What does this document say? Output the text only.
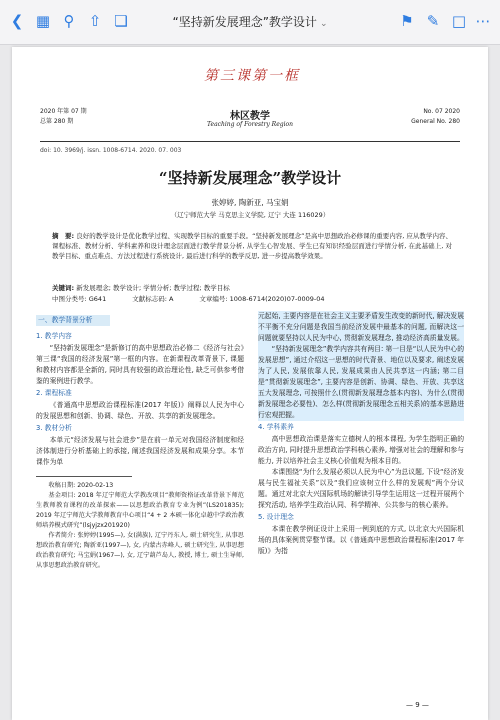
❮ ▦ ⚲ ⇧ ❏	“坚持新发展理念”教学设计 ⌄	⚑ ✎ □ ⋯
第三课第一框
2020 年第 07 期
总第 280 期	林区教学
Teaching of Forestry Region
No. 07 2020
General No. 280
doi: 10. 3969/j. issn. 1008-6714. 2020. 07. 003
“坚持新发展理念”教学设计
张婷婷, 陶新亚, 马宝娟
（辽宁师范大学 马克思主义学院, 辽宁 大连 116029）
摘　要: 良好的教学设计是优化教学过程、实现教学目标的重要手段。“坚持新发展理念”是高中思想政治必修课的重要内容, 应从教学内容、课程标准、教材分析、学科素养和设计理念层面进行教学背景分析, 从学生心智发展、学生已有知识经验层面进行学情分析, 在此基础上, 对教学目标、重点难点、方法过程进行系统设计, 最后进行科学的教学反思, 进一步提高教学效果。
关键词: 新发展理念; 教学设计; 学情分析; 教学过程; 教学目标
中图分类号: G641	文献标志码: A	文章编号: 1008-6714(2020)07-0009-04
一、教学背景分析
1. 教学内容

“坚持新发展理念”是新修订的高中思想政治必修二《经济与社会》第三课“我国的经济发展”第一框的内容。在新课程改革背景下, 课题和教材内容都是全新的, 同时具有较强的政治理论性, 缺乏可供参考借鉴的案例进行教学。

2. 课程标准

《普通高中思想政治课程标准(2017 年版)》阐释以人民为中心的发展思想和创新、协调、绿色、开放、共享的新发展理念。

3. 教材分析

本单元“经济发展与社会进步”是在前一单元对我国经济制度和经济体制进行分析基础上的承接, 阐述我国经济发展和成果分享。本节课作为单

收稿日期: 2020-02-13

基金项目: 2018 年辽宁师范大学教改项目“教师资格证改革背景下师范生教师教育课程的改革探索——以思想政治教育专业为例”(LS201835); 2019 年辽宁师范大学教师教育中心项目“4 + 2 本硕一体化卓越中学政治教师培养模式研究”(lsjyjzx201920)

作者简介: 张婷婷(1995—), 女(满族), 辽宁丹东人, 硕士研究生, 从事思想政治教育研究; 陶新亚(1997—), 女, 内蒙古赤峰人, 硕士研究生, 从事思想政治教育研究; 马宝娟(1967—), 女, 辽宁葫芦岛人, 教授, 博士, 硕士生导师, 从事思想政治教育研究。

元起始, 主要内容是在社会主义主要矛盾发生改变的新时代, 解决发展不平衡不充分问题是我国当前经济发展中最基本的问题, 而解决这一问题就要坚持以人民为中心, 贯彻新发展理念, 推动经济高质量发展。

“坚持新发展理念”教学内容共有两目: 第一目是“以人民为中心的发展思想”, 通过介绍这一思想的时代背景、地位以及要求, 阐述发展为了人民, 发展依靠人民, 发展成果由人民共享这一内涵; 第二目是“贯彻新发展理念”, 主要内容是创新、协调、绿色、开放、共享这五大发展理念, 可按照什么(贯彻新发展理念基本内容)、为什么(贯彻新发展理念必要性)、怎么样(贯彻新发展理念五相关系)的基本思路进行宏观把握。

4. 学科素养

高中思想政治课是落实立德树人的根本课程, 为学生指明正确的政治方向, 同时提升思想政治学科核心素养, 增强对社会的理解和参与能力, 并以培养社会主义核心价值观为根本目的。

本课围绕“为什么发展必须以人民为中心”为总议题, 下设“经济发展与民生福祉关系”以及“我们应该树立什么样的发展观”两个分议题。通过对北京大兴国际机场的解读引导学生运用这一过程开展两个探究活动, 培养学生政治认同、科学精神、公共参与的核心素养。

5. 设计理念

本课在教学例证设计上采用一例到底的方式, 以北京大兴国际机场的具体案例贯穿整节课。以《普通高中思想政治课程标准(2017 年版)》为指

— 9 —
